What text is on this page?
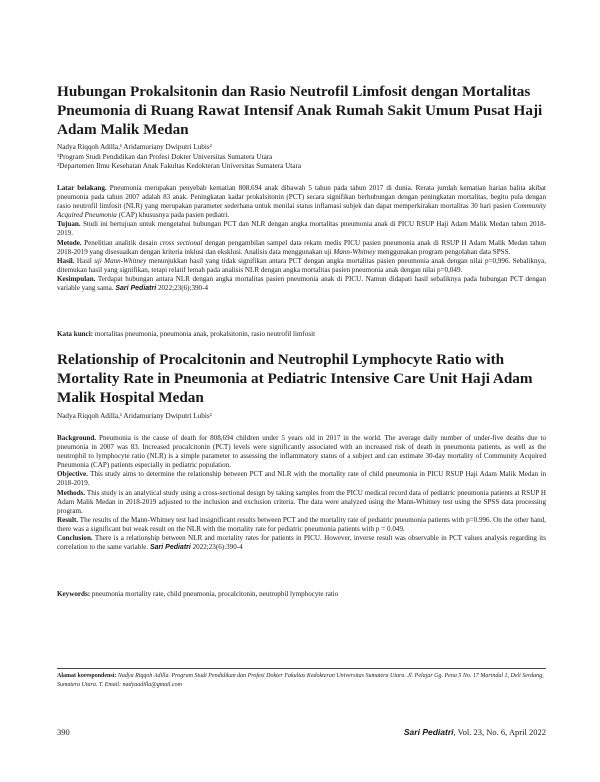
Hubungan Prokalsitonin dan Rasio Neutrofil Limfosit dengan Mortalitas Pneumonia di Ruang Rawat Intensif Anak Rumah Sakit Umum Pusat Haji Adam Malik Medan
Nadya Riqqoh Adilla,¹ Aridamuriany Dwiputri Lubis²
¹Program Studi Pendidikan dan Profesi Dokter Universitas Sumatera Utara
²Departemen Ilmu Kesehatan Anak Fakultas Kedokteran Universitas Sumatera Utara

Latar belakang. Pneumonia merupakan penyebab kematian 808.694 anak dibawah 5 tahun pada tahun 2017 di dunia. Rerata jumlah kematian harian balita akibat pneumonia pada tahun 2007 adalah 83 anak. Peningkatan kadar prokalsitonin (PCT) secara signifikan berhubungan dengan peningkatan mortalitas, begitu pula dengan rasio neutrofil limfosit (NLR) yang merupakan parameter sederhana untuk menilai status inflamasi subjek dan dapat memperkirakan mortalitas 30 hari pasien Community Acquired Pneumonia (CAP) khususnya pada pasien pediatri.

Tujuan. Studi ini bertujuan untuk mengetahui hubungan PCT dan NLR dengan angka mortalitas pneumonia anak di PICU RSUP Haji Adam Malik Medan tahun 2018-2019.

Metode. Penelitian analitik desain cross sectional dengan pengambilan sampel data rekam medis PICU pasien pneumonia anak di RSUP H Adam Malik Medan tahun 2018-2019 yang disesuaikan dengan kriteria inklusi dan eksklusi. Analisis data menggunakan uji Mann-Whitney menggunakan program pengolahan data SPSS.

Hasil. Hasil uji Mann-Whitney menunjukkan hasil yang tidak signifikan antara PCT dengan angka mortalitas pasien pneumonia anak dengan nilai p=0,996. Sebaliknya, ditemukan hasil yang signifikan, tetapi relatif lemah pada analisis NLR dengan angka mortalitas pasien pneumonia anak dengan nilai p=0,049.

Kesimpulan. Terdapat hubungan antara NLR dengan angka mortalitas pasien pneumonia anak di PICU. Namun didapati hasil sebaliknya pada hubungan PCT dengan variable yang sama. Sari Pediatri 2022;23(6):390-4

Kata kunci: mortalitas pneumonia, pneumonia anak, prokalsitonin, rasio neutrofil limfosit
Relationship of Procalcitonin and Neutrophil Lymphocyte Ratio with Mortality Rate in Pneumonia at Pediatric Intensive Care Unit Haji Adam Malik Hospital Medan
Nadya Riqqoh Adilla,¹ Aridamuriany Dwiputri Lubis²

Background. Pneumonia is the cause of death for 808,694 children under 5 years old in 2017 in the world. The average daily number of under-five deaths due to pneumonia in 2007 was 83. Increased procalcitonin (PCT) levels were significantly associated with an increased risk of death in pneumonia patients, as well as the neutrophil to lymphocyte ratio (NLR) is a simple parameter to assessing the inflammatory status of a subject and can estimate 30-day mortality of Community Acquired Pneumonia (CAP) patients especially in pediatric population.

Objective. This study aims to determine the relationship between PCT and NLR with the mortality rate of child pneumonia in PICU RSUP Haji Adam Malik Medan in 2018-2019.

Methods. This study is an analytical study using a cross-sectional design by taking samples from the PICU medical record data of pediatric pneumonia patients at RSUP H Adam Malik Medan in 2018-2019 adjusted to the inclusion and exclusion criteria. The data were analyzed using the Mann-Whitney test using the SPSS data processing program.

Result. The results of the Mann-Whitney test had insignificant results between PCT and the mortality rate of pediatric pneumonia patients with p=0.996. On the other hand, there was a significant but weak result on the NLR with the mortality rate for pediatric pneumonia patients with p = 0.049.

Conclusion. There is a relationship between NLR and mortality rates for patients in PICU. However, inverse result was observable in PCT values analysis regarding its correlation to the same variable. Sari Pediatri 2022;23(6):390-4

Keywords: pneumonia mortality rate, child pneumonia, procalcitonin, neutrophil lymphocyte ratio
Alamat korespondensi: Nadya Riqqoh Adilla. Program Studi Pendidikan dan Profesi Dokter Fakultas Kedokteran Universitas Sumatera Utara. Jl. Pelajar Gg. Pena 5 No. 17 Marindal 1, Deli Serdang, Sumatera Utara. T. Email: nadyaadilla@gmail.com
390	Sari Pediatri, Vol. 23, No. 6, April 2022
